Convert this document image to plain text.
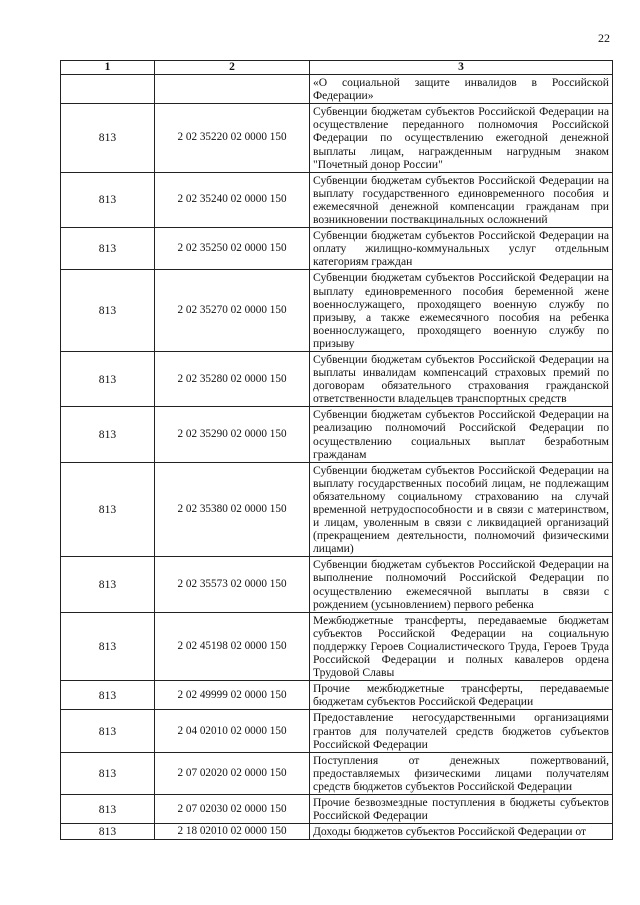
22
1	2	3
		«О социальной защите инвалидов в Российской Федерации»
813	2 02 35220 02 0000 150	Субвенции бюджетам субъектов Российской Федерации на осуществление переданного полномочия Российской Федерации по осуществлению ежегодной денежной выплаты лицам, награжденным нагрудным знаком "Почетный донор России"
813	2 02 35240 02 0000 150	Субвенции бюджетам субъектов Российской Федерации на выплату государственного единовременного пособия и ежемесячной денежной компенсации гражданам при возникновении поствакцинальных осложнений
813	2 02 35250 02 0000 150	Субвенции бюджетам субъектов Российской Федерации на оплату жилищно-коммунальных услуг отдельным категориям граждан
813	2 02 35270 02 0000 150	Субвенции бюджетам субъектов Российской Федерации на выплату единовременного пособия беременной жене военнослужащего, проходящего военную службу по призыву, а также ежемесячного пособия на ребенка военнослужащего, проходящего военную службу по призыву
813	2 02 35280 02 0000 150	Субвенции бюджетам субъектов Российской Федерации на выплаты инвалидам компенсаций страховых премий по договорам обязательного страхования гражданской ответственности владельцев транспортных средств
813	2 02 35290 02 0000 150	Субвенции бюджетам субъектов Российской Федерации на реализацию полномочий Российской Федерации по осуществлению социальных выплат безработным гражданам
813	2 02 35380 02 0000 150	Субвенции бюджетам субъектов Российской Федерации на выплату государственных пособий лицам, не подлежащим обязательному социальному страхованию на случай временной нетрудоспособности и в связи с материнством, и лицам, уволенным в связи с ликвидацией организаций (прекращением деятельности, полномочий физическими лицами)
813	2 02 35573 02 0000 150	Субвенции бюджетам субъектов Российской Федерации на выполнение полномочий Российской Федерации по осуществлению ежемесячной выплаты в связи с рождением (усыновлением) первого ребенка
813	2 02 45198 02 0000 150	Межбюджетные трансферты, передаваемые бюджетам субъектов Российской Федерации на социальную поддержку Героев Социалистического Труда, Героев Труда Российской Федерации и полных кавалеров ордена Трудовой Славы
813	2 02 49999 02 0000 150	Прочие межбюджетные трансферты, передаваемые бюджетам субъектов Российской Федерации
813	2 04 02010 02 0000 150	Предоставление негосударственными организациями грантов для получателей средств бюджетов субъектов Российской Федерации
813	2 07 02020 02 0000 150	Поступления от денежных пожертвований, предоставляемых физическими лицами получателям средств бюджетов субъектов Российской Федерации
813	2 07 02030 02 0000 150	Прочие безвозмездные поступления в бюджеты субъектов Российской Федерации
813	2 18 02010 02 0000 150	Доходы бюджетов субъектов Российской Федерации от
